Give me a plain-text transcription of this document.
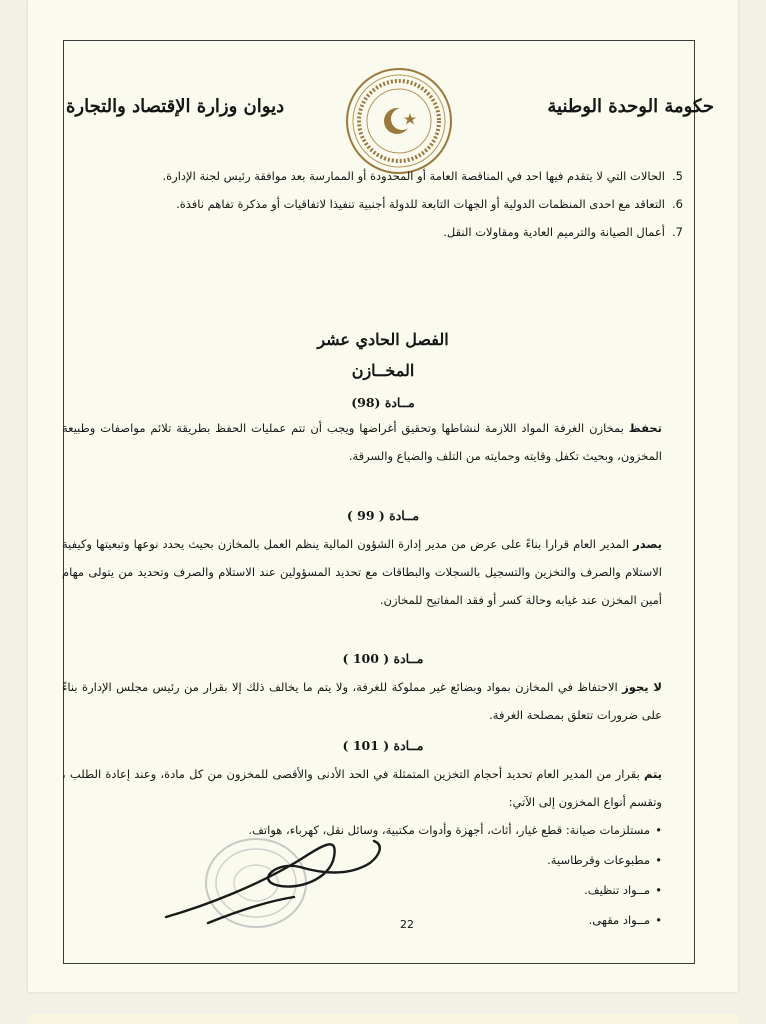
حكومة الوحدة الوطنية
ديوان وزارة الإقتصاد والتجارة
5.
الحالات التي لا يتقدم فيها احد في المناقصة العامة أو المحدودة أو الممارسة بعد موافقة رئيس لجنة الإدارة.
6.
التعاقد مع احدى المنظمات الدولية أو الجهات التابعة للدولة أجنبية تنفيذا لاتفاقيات أو مذكرة تفاهم نافذة.
7.
أعمال الصيانة والترميم العادية ومقاولات النقل.
الفصل الحادي عشر
المخــازن
مــادة (98)
تحفظ بمخازن الغرفة المواد اللازمة لنشاطها وتحقيق أغراضها ويجب أن تتم عمليات الحفظ بطريقة تلائم مواصفات وطبيعة المخزون، وبحيث تكفل وقايته وحمايته من التلف والضياع والسرقة.
مــادة ( 99 )
يصدر المدير العام قرارا بناءً على عرض من مدير إدارة الشؤون المالية ينظم العمل بالمخازن بحيث يحدد نوعها وتبعيتها وكيفية الاستلام والصرف والتخزين والتسجيل بالسجلات والبطاقات مع تحديد المسؤولين عند الاستلام والصرف وتحديد من يتولى مهام أمين المخزن عند غيابه وحالة كسر أو فقد المفاتيح للمخازن.
مــادة ( 100 )
لا يجوز الاحتفاظ في المخازن بمواد وبضائع غير مملوكة للغرفة، ولا يتم ما يخالف ذلك إلا بقرار من رئيس مجلس الإدارة بناءً على ضرورات تتعلق بمصلحة الغرفة.
مــادة ( 101 )
يتم بقرار من المدير العام تحديد أحجام التخزين المتمثلة في الحد الأدنى والأقصى للمخزون من كل مادة، وعند إعادة الطلب ، وتقسم أنواع المخزون إلى الآتي:
• مستلزمات صيانة: قطع غيار، أثاث، أجهزة وأدوات مكتبية، وسائل نقل، كهرباء، هواتف.
• مطبوعات وقرطاسية.
• مــواد تنظيف.
• مــواد مقهى.
22
